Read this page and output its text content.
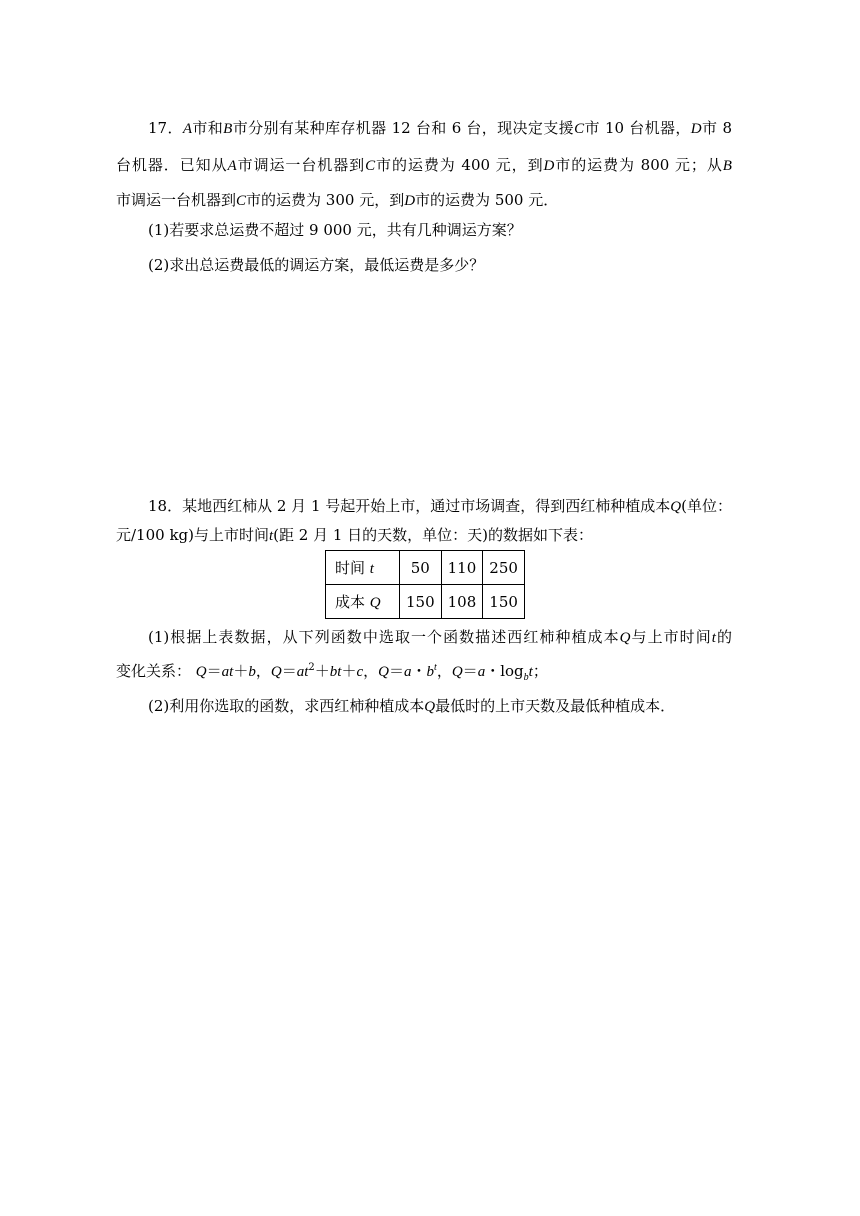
17．A市和B市分别有某种库存机器 12 台和 6 台，现决定支援C市 10 台机器，D市 8
台机器．已知从A市调运一台机器到C市的运费为 400 元，到D市的运费为 800 元；从B
市调运一台机器到C市的运费为 300 元，到D市的运费为 500 元．
(1)若要求总运费不超过 9 000 元，共有几种调运方案？
(2)求出总运费最低的调运方案，最低运费是多少？
18．某地西红柿从 2 月 1 号起开始上市，通过市场调查，得到西红柿种植成本Q(单位：
元/100 kg)与上市时间t(距 2 月 1 日的天数，单位：天)的数据如下表：
时间 t	50	110	250
成本 Q	150	108	150
(1)根据上表数据，从下列函数中选取一个函数描述西红柿种植成本Q与上市时间t的
变化关系： Q＝at＋b，$Q=at^2+bt+c$，Q＝a・$b^t$，Q＝a・$\log_bt$；
(2)利用你选取的函数，求西红柿种植成本Q最低时的上市天数及最低种植成本．
